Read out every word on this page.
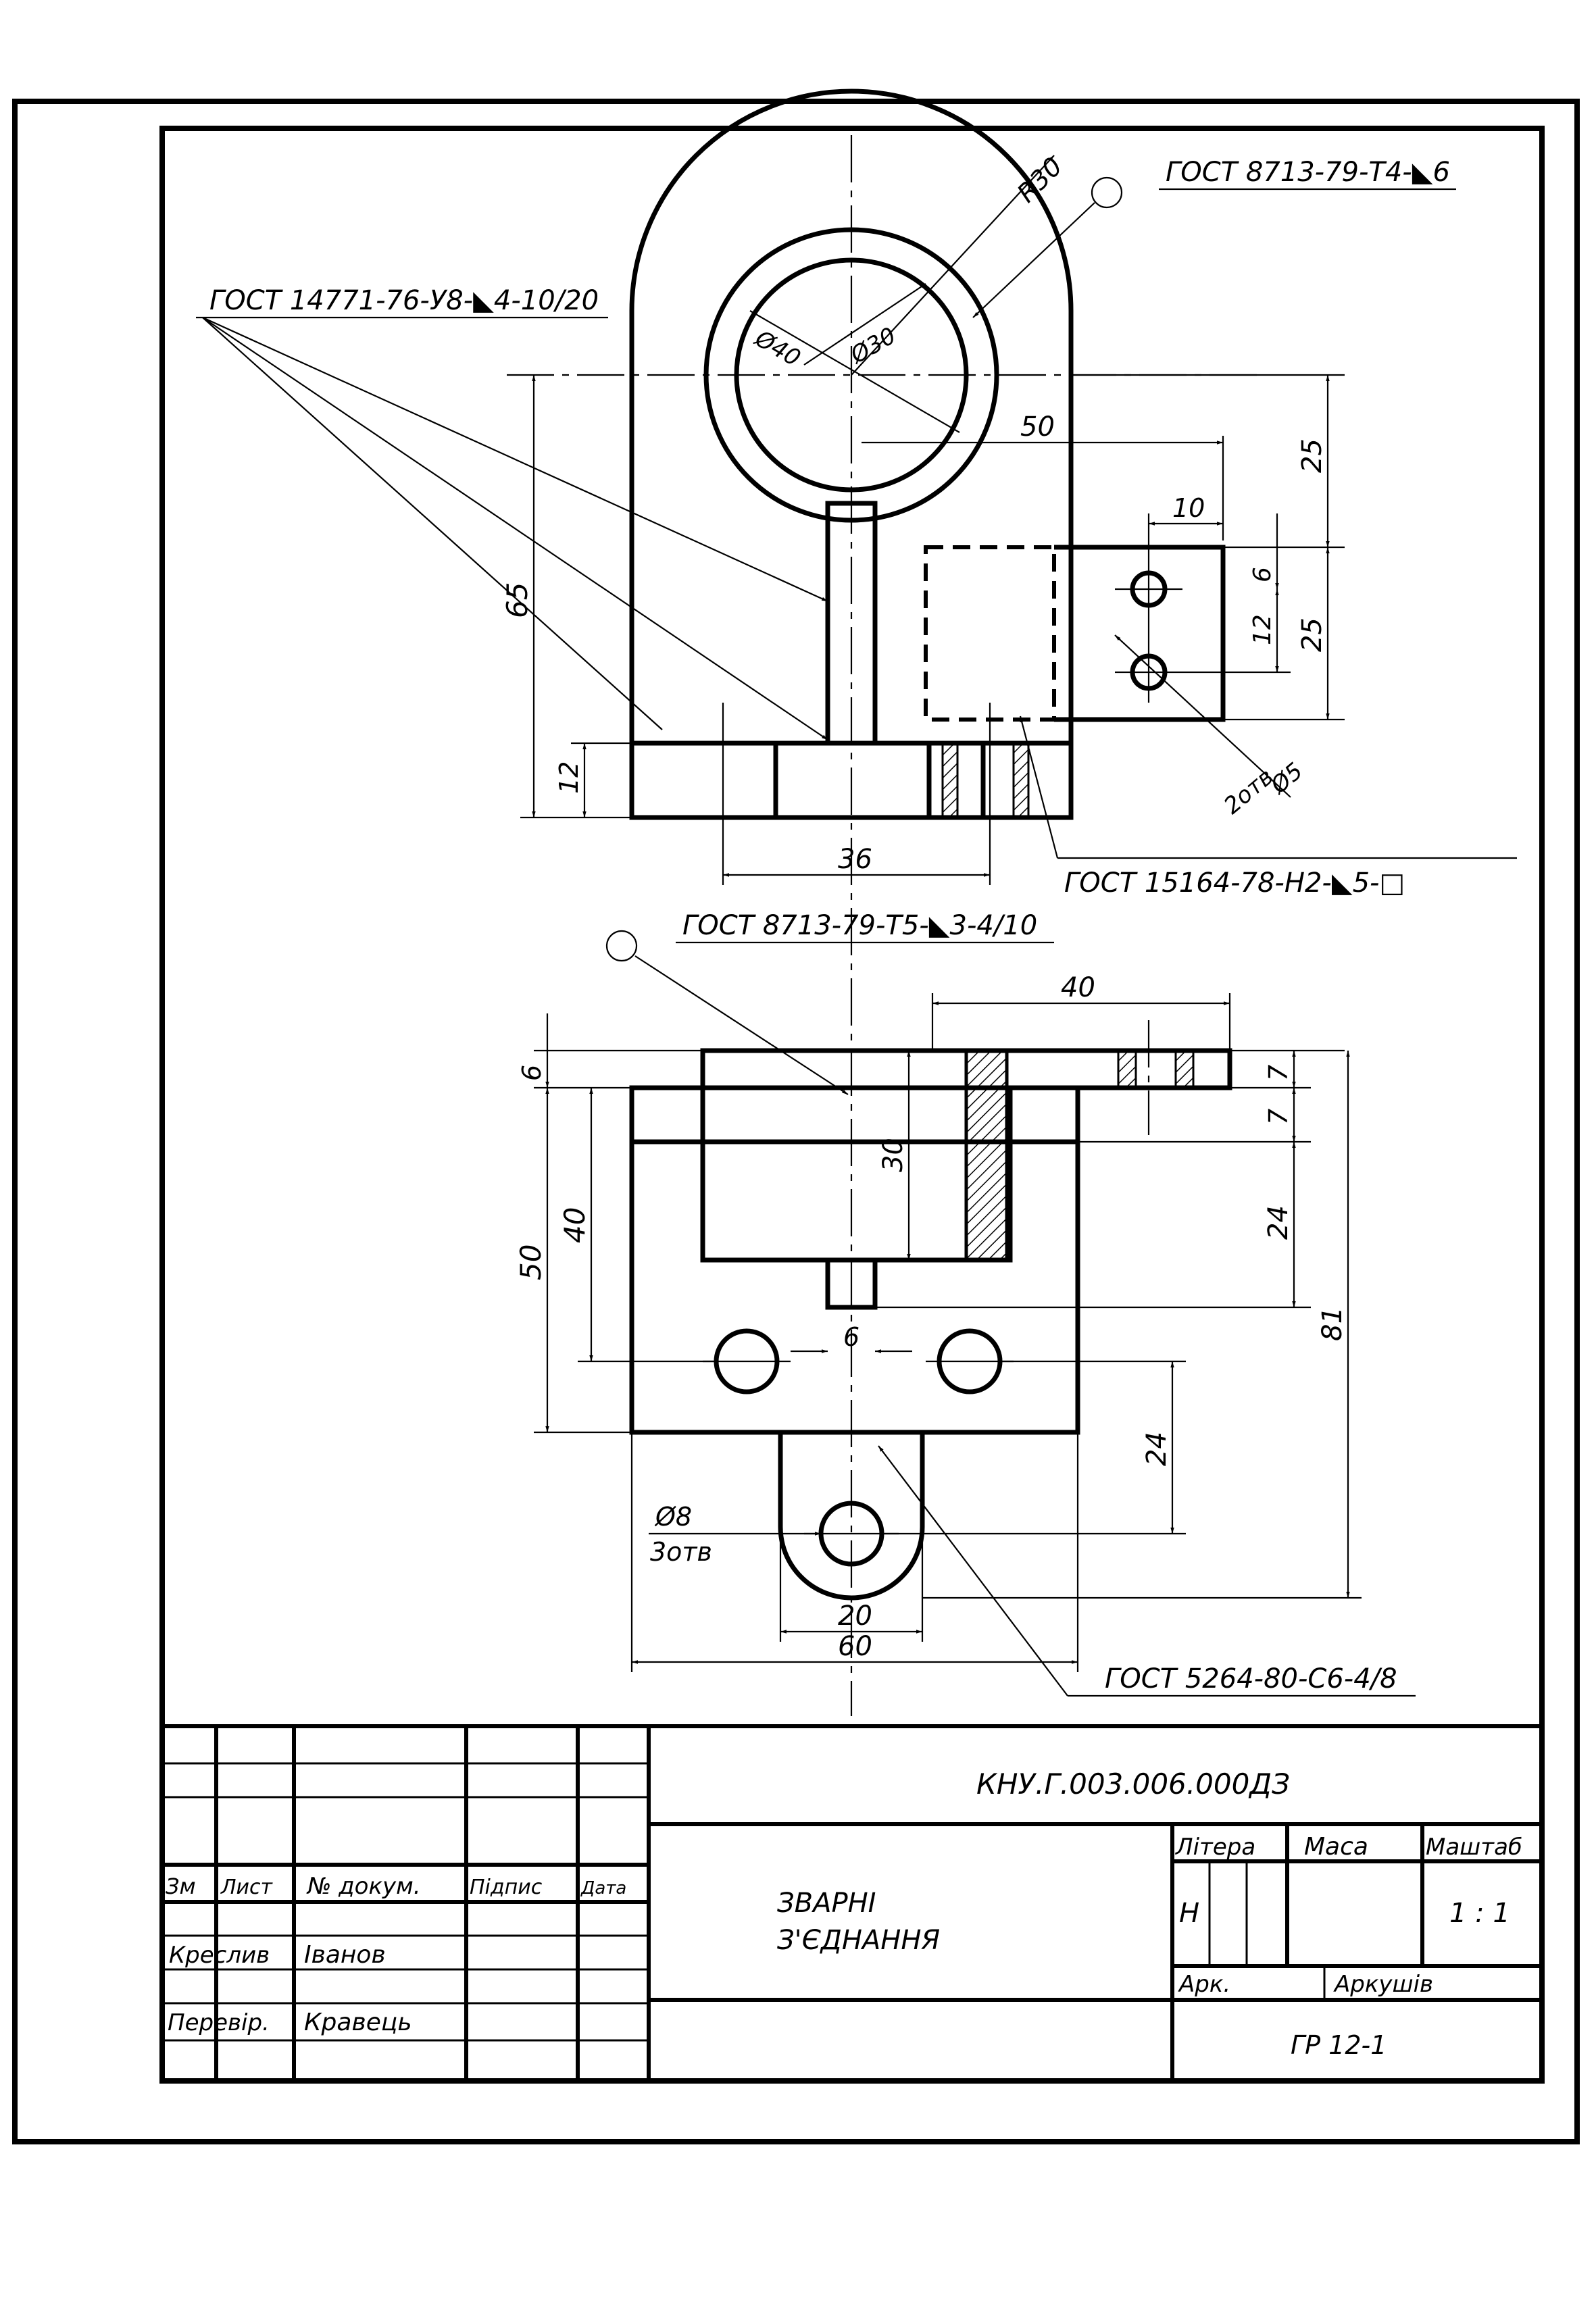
ГОСТ 8713-79-Т4-◣6
ГОСТ 14771-76-У8-◣4-10/20
ГОСТ 15164-78-Н2-◣5-□
R30
Ø40 Ø30
50
25
10
6
12 25
65
12
36
2отв
Ø5
ГОСТ 8713-79-Т5-◣3-4/10
ГОСТ 5264-80-С6-4/8
40
6
50
40
30
7
7
24
81
6
24
Ø8
3отв
20
60
КНУ.Г.003.006.000ДЗ
ЗВАРНІ
З'ЄДНАННЯ
Зм Лист № докум. Підпис Дата
Креслив Іванов
Перевір. Кравець
Літера Маса	Маштаб
Н	1 : 1
Арк.	Аркушів
ГР 12-1
